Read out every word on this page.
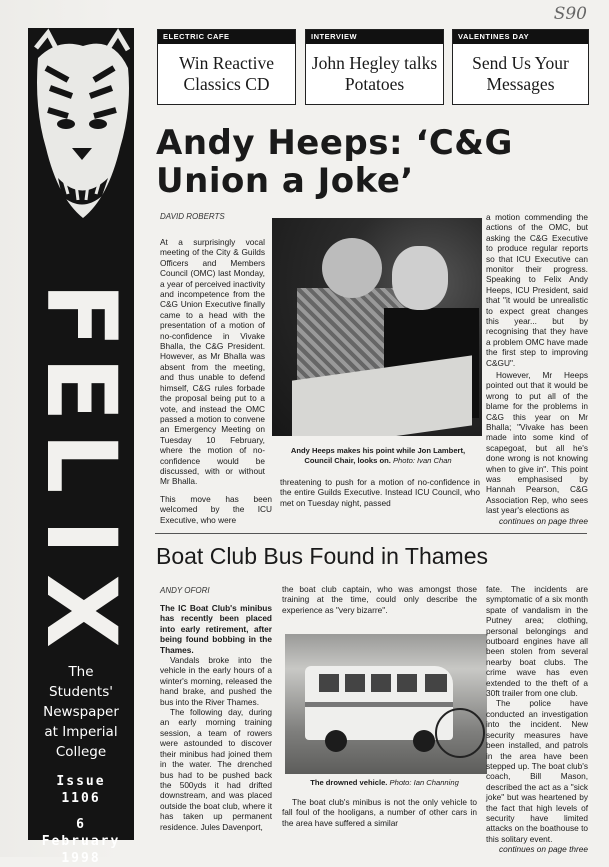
S90
F
E
L
I
X
The
Students'
Newspaper
at Imperial
College
Issue
1106
6
February
1998
ELECTRIC CAFE
Win Reactive
Classics CD
INTERVIEW
John Hegley talks
Potatoes
VALENTINES DAY
Send Us Your
Messages
Andy Heeps: ‘C&G
Union a Joke’
DAVID ROBERTS

At a surprisingly vocal meeting of the City & Guilds Officers and Members Council (OMC) last Monday, a year of perceived inactivity and incompetence from the C&G Union Executive finally came to a head with the presentation of a motion of no-confidence in Vivake Bhalla, the C&G President. However, as Mr Bhalla was absent from the meeting, and thus unable to defend himself, C&G rules forbade the proposal being put to a vote, and instead the OMC passed a motion to convene an Emergency Meeting on Tuesday 10 February, where the motion of no-confidence would be discussed, with or without Mr Bhalla.

This move has been welcomed by the ICU Executive, who were

Andy Heeps makes his point while Jon Lambert, Council Chair, looks on. Photo: Ivan Chan

threatening to push for a motion of no-confidence in the entire Guilds Executive. Instead ICU Council, who met on Tuesday night, passed

a motion commending the actions of the OMC, but asking the C&G Executive to produce regular reports so that ICU Executive can monitor their progress. Speaking to Felix Andy Heeps, ICU President, said that "it would be unrealistic to expect great changes this year... but by recognising that they have a problem OMC have made the first step to improving C&GU".

However, Mr Heeps pointed out that it would be wrong to put all of the blame for the problems in C&G this year on Mr Bhalla; "Vivake has been made into some kind of scapegoat, but all he's done wrong is not knowing when to give in". This point was emphasised by Hannah Pearson, C&G Association Rep, who sees last year's elections as

continues on page three
Boat Club Bus Found in Thames
ANDY OFORI

The IC Boat Club's minibus has recently been placed into early retirement, after being found bobbing in the Thames.

Vandals broke into the vehicle in the early hours of a winter's morning, released the hand brake, and pushed the bus into the River Thames.

The following day, during an early morning training session, a team of rowers were astounded to discover their minibus had joined them in the water. The drenched bus had to be pushed back the 500yds it had drifted downstream, and was placed outside the boat club, where it has taken up permanent residence. Jules Davenport,

the boat club captain, who was amongst those training at the time, could only describe the experience as "very bizarre".

The drowned vehicle. Photo: Ian Channing

The boat club's minibus is not the only vehicle to fall foul of the hooligans, a number of other cars in the area have suffered a similar

fate. The incidents are symptomatic of a six month spate of vandalism in the Putney area; clothing, personal belongings and outboard engines have all been stolen from several nearby boat clubs. The crime wave has even extended to the theft of a 30ft trailer from one club.

The police have conducted an investigation into the incident. New security measures have been installed, and patrols in the area have been stepped up. The boat club's coach, Bill Mason, described the act as a "sick joke" but was heartened by the fact that high levels of security have limited attacks on the boathouse to this solitary event.

continues on page three
